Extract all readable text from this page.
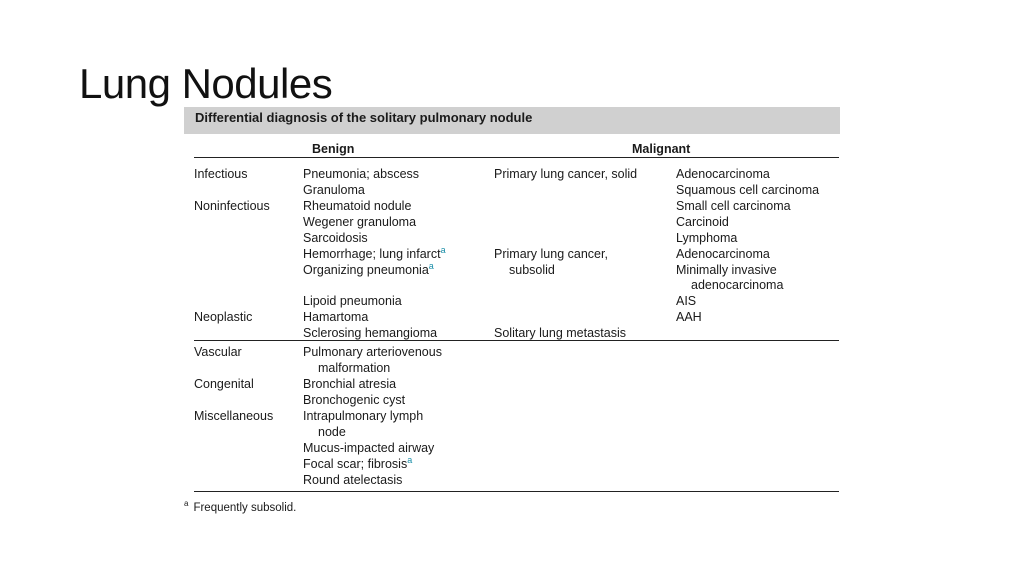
Lung Nodules
Differential diagnosis of the solitary pulmonary nodule
Benign	Malignant
Infectious
Noninfectious
Neoplastic
Vascular
Congenital
Miscellaneous
Pneumonia; abscess
Granuloma
Rheumatoid nodule
Wegener granuloma
Sarcoidosis
Hemorrhage; lung infarct$^a$
Organizing pneumonia$^a$
Lipoid pneumonia
Hamartoma
Sclerosing hemangioma
Pulmonary arteriovenous
malformation
Bronchial atresia
Bronchogenic cyst
Intrapulmonary lymph
node
Mucus-impacted airway
Focal scar; fibrosis$^a$
Round atelectasis
Primary lung cancer, solid
Primary lung cancer,
subsolid
Solitary lung metastasis
Adenocarcinoma
Squamous cell carcinoma
Small cell carcinoma
Carcinoid
Lymphoma
Adenocarcinoma
Minimally invasive
adenocarcinoma
AIS
AAH
$^a$ Frequently subsolid.
